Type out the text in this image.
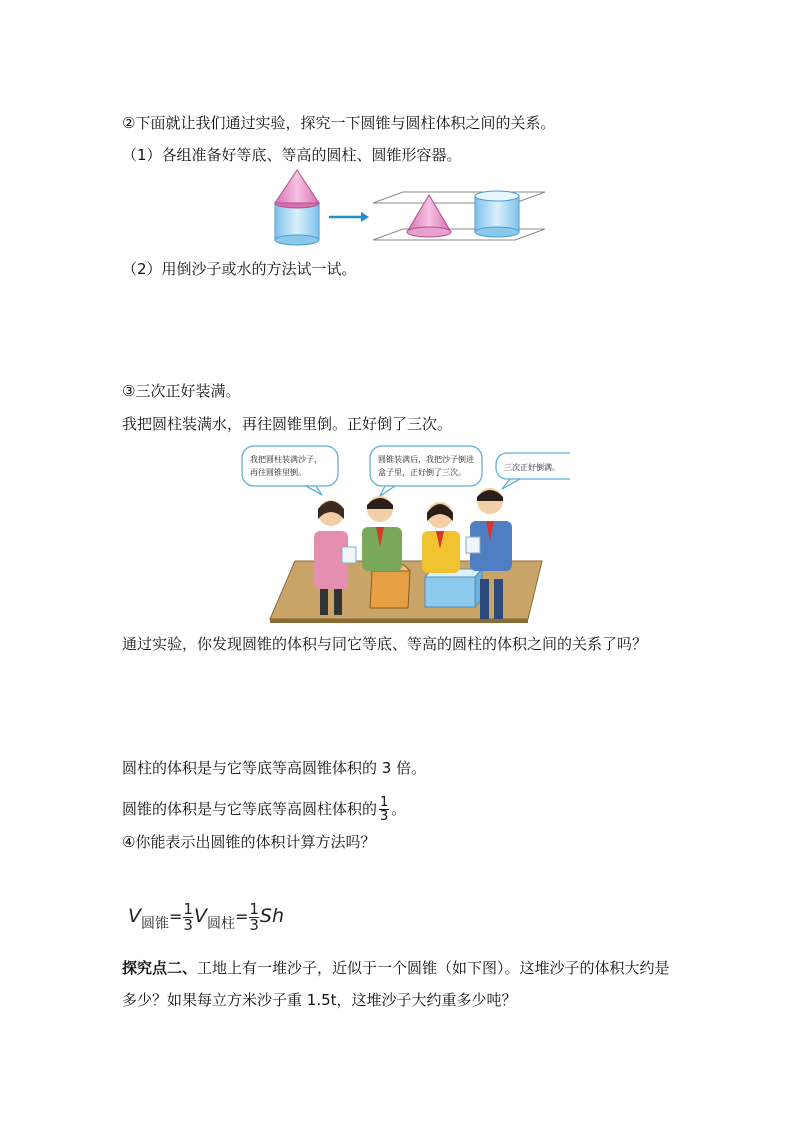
②下面就让我们通过实验，探究一下圆锥与圆柱体积之间的关系。
（1）各组准备好等底、等高的圆柱、圆锥形容器。
（2）用倒沙子或水的方法试一试。
③三次正好装满。
我把圆柱装满水，再往圆锥里倒。正好倒了三次。
我把圆柱装满沙子，
再往圆锥里倒。
圆锥装满后，我把沙子倒进
盒子里，正好倒了三次。
三次正好倒满。
通过实验，你发现圆锥的体积与同它等底、等高的圆柱的体积之间的关系了吗？
圆柱的体积是与它等底等高圆锥体积的 3 倍。
圆锥的体积是与它等底等高圆柱体积的 $\frac{1}{3}$ 。
④你能表示出圆锥的体积计算方法吗？
V圆锥= $\frac{1}{3}$ V圆柱= $\frac{1}{3}$ Sh
探究点二、工地上有一堆沙子，近似于一个圆锥（如下图）。这堆沙子的体积大约是
多少？如果每立方米沙子重 1.5t，这堆沙子大约重多少吨？
